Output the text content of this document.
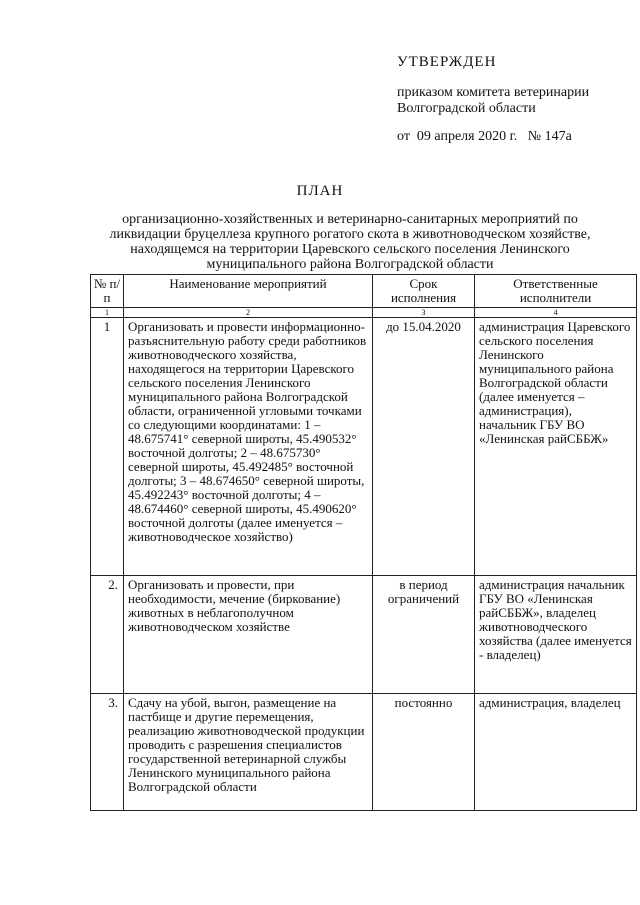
УТВЕРЖДЕН
приказом комитета ветеринарии
Волгоградской области
от  09 апреля 2020 г.   № 147а
ПЛАН
организационно-хозяйственных и ветеринарно-санитарных мероприятий по ликвидации бруцеллеза крупного рогатого скота в животноводческом хозяйстве, находящемся на территории Царевского сельского поселения Ленинского муниципального района Волгоградской области
№ п/п	Наименование мероприятий	Срок исполнения	Ответственные исполнители
1	2	3	4
1	Организовать и провести информационно-разъяснительную работу среди работников животноводческого хозяйства, находящегося на территории Царевского сельского поселения Ленинского муниципального района Волгоградской области, ограниченной угловыми точками со следующими координатами: 1 – 48.675741° северной широты, 45.490532° восточной долготы; 2 – 48.675730° северной широты, 45.492485° восточной долготы; 3 – 48.674650° северной широты, 45.492243° восточной долготы; 4 – 48.674460° северной широты, 45.490620° восточной долготы (далее именуется – животноводческое хозяйство)	до 15.04.2020	администрация Царевского сельского поселения Ленинского муниципального района Волгоградской области (далее именуется – администрация), начальник ГБУ ВО «Ленинская райСББЖ»
2.	Организовать и провести, при необходимости, мечение (биркование) животных в неблагополучном животноводческом хозяйстве	в период ограничений	администрация начальник ГБУ ВО «Ленинская райСББЖ», владелец животноводческого хозяйства (далее именуется - владелец)
3.	Сдачу на убой, выгон, размещение на пастбище и другие перемещения, реализацию животноводческой продукции проводить с разрешения специалистов государственной ветеринарной службы Ленинского муниципального района Волгоградской области	постоянно	администрация, владелец
